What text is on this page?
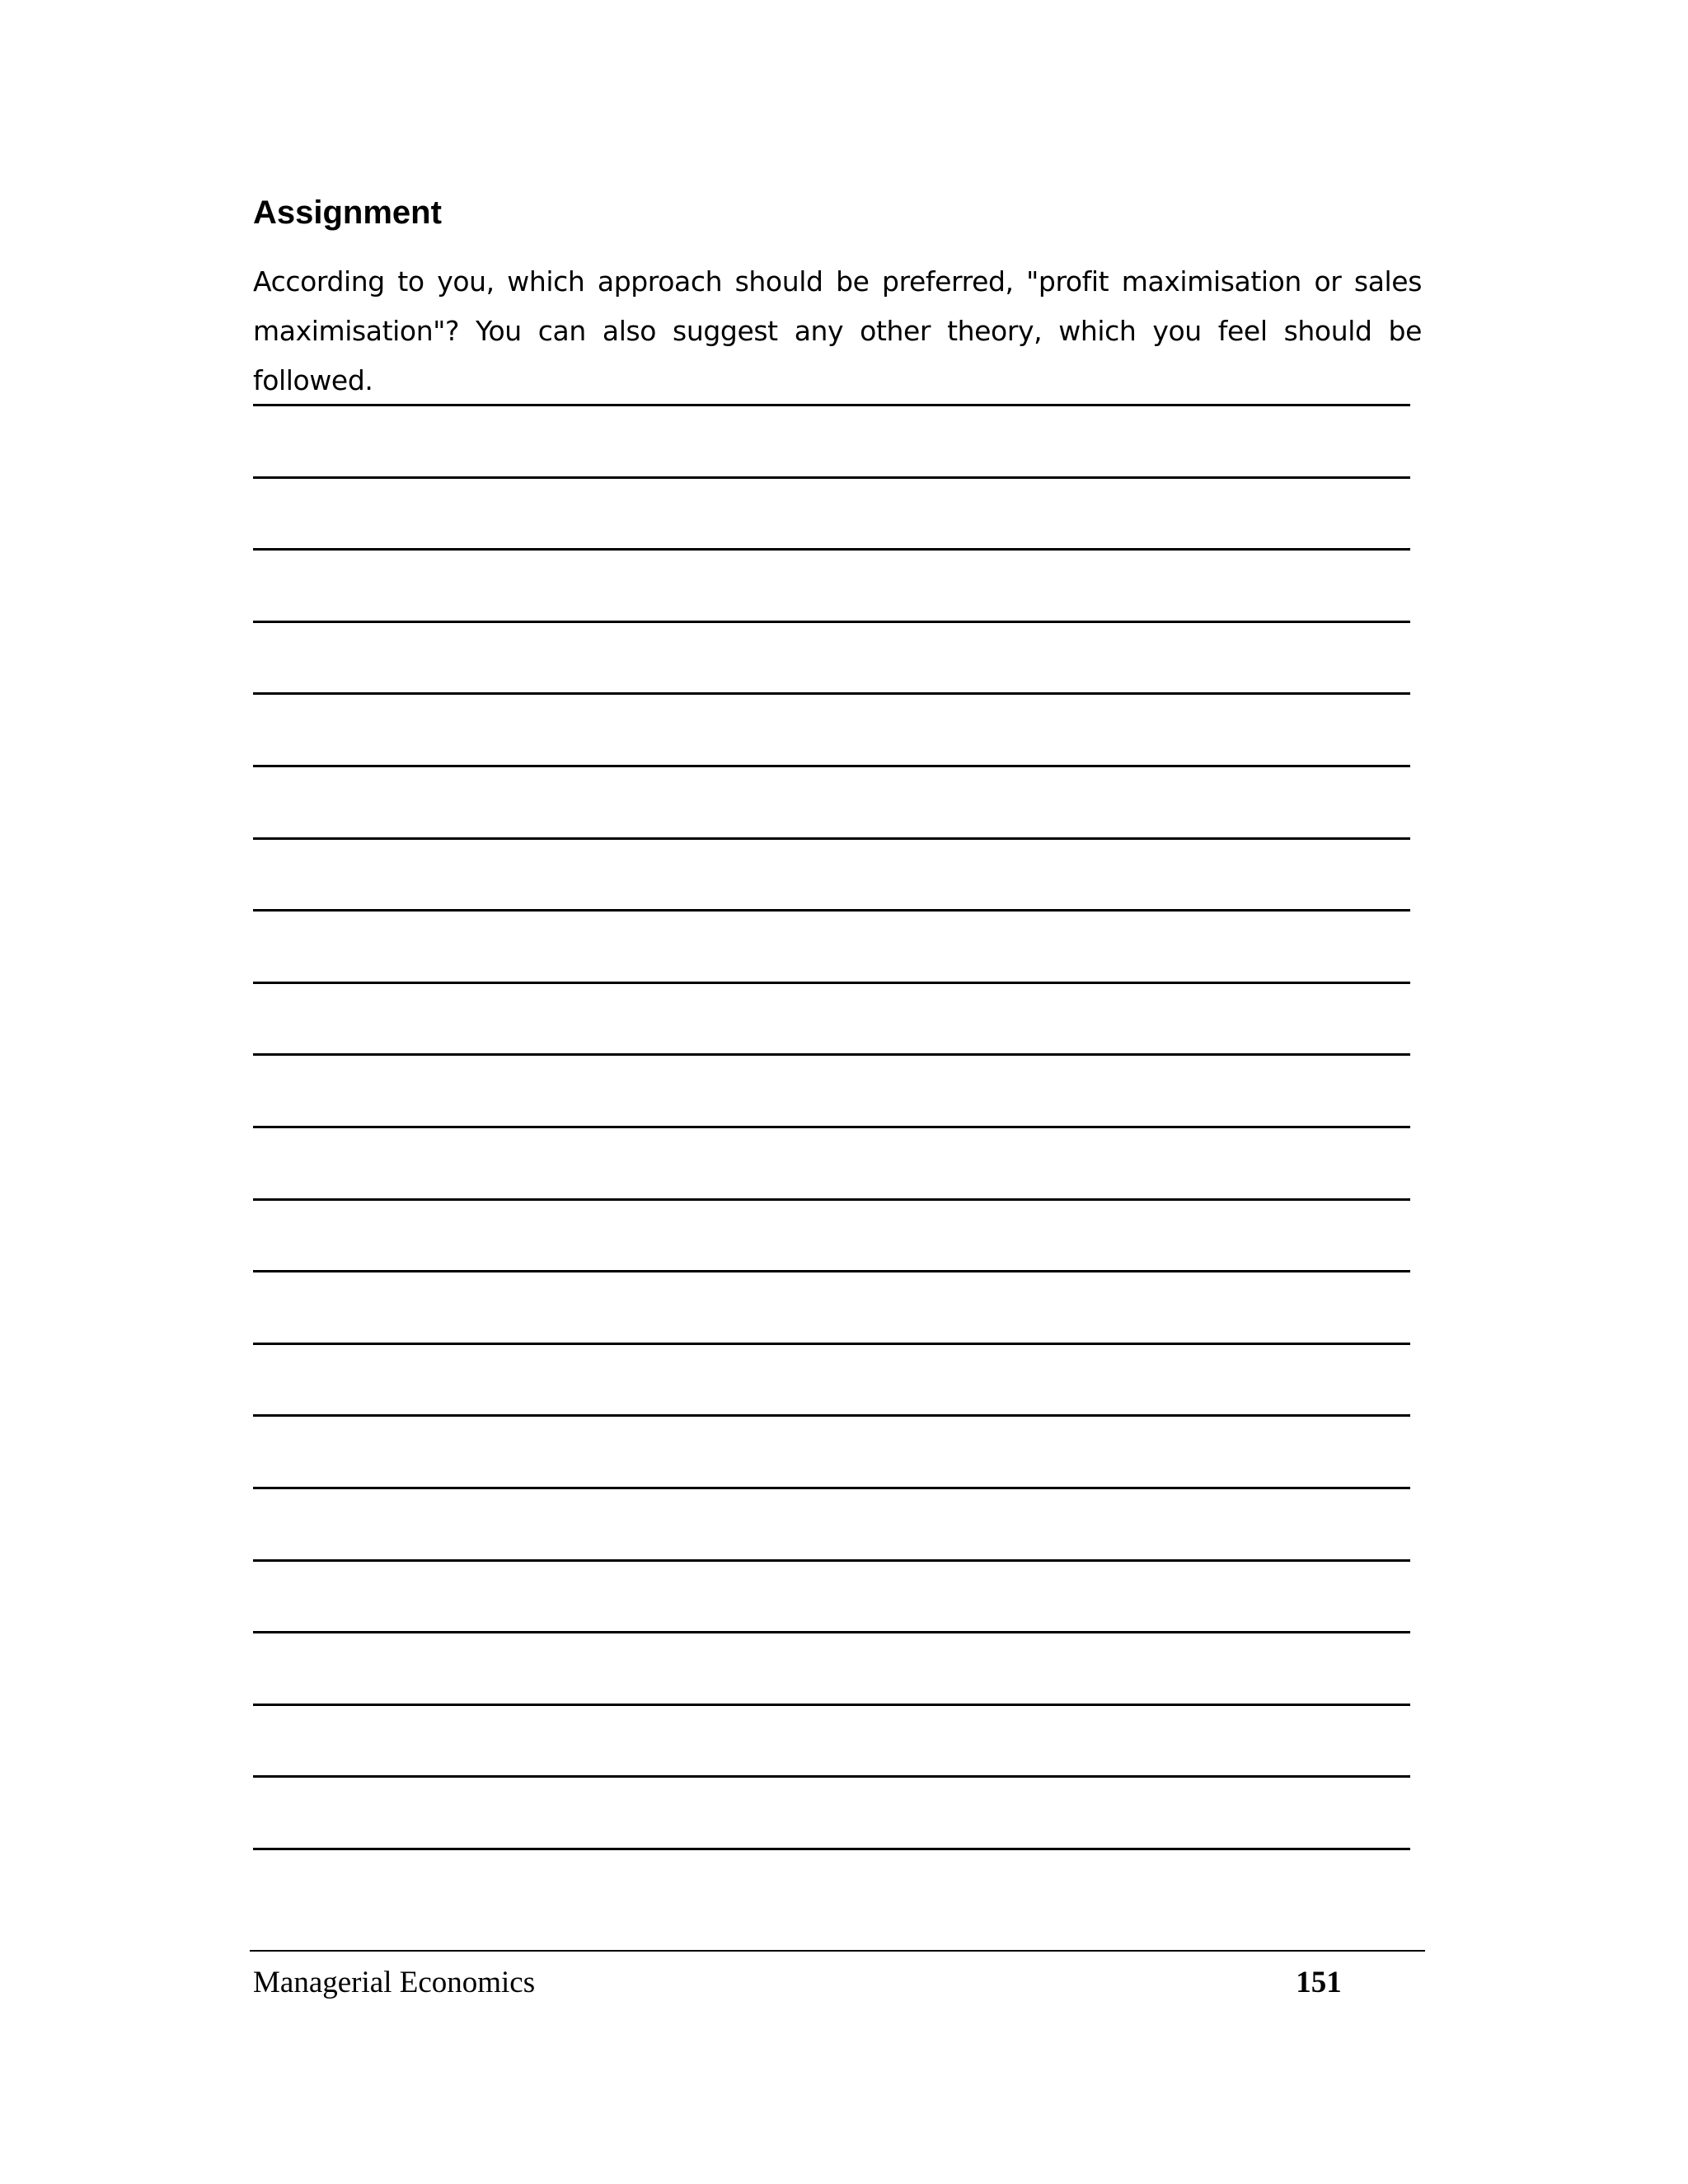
Assignment

According to you, which approach should be preferred, "profit maximisation or sales maximisation"? You can also suggest any other theory, which you feel should be followed.

Managerial Economics	151
